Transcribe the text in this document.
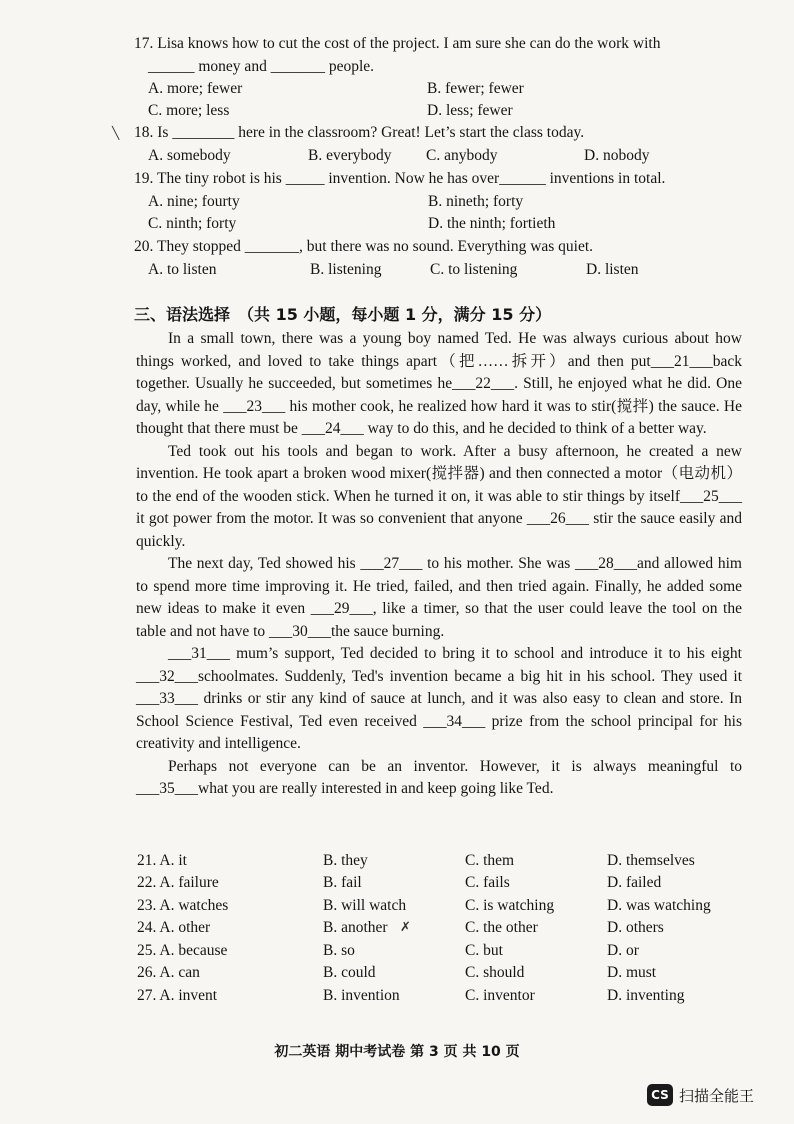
17. Lisa knows how to cut the cost of the project. I am sure she can do the work with
______ money and _______ people.
A. more; fewer	B. fewer; fewer
C. more; less	D. less; fewer
18. Is ________ here in the classroom? Great! Let’s start the class today.
A. somebody	B. everybody C. anybody	D. nobody
19. The tiny robot is his _____ invention. Now he has over______ inventions in total.
A. nine; fourty	B. nineth; forty
C. ninth; forty	D. the ninth; fortieth
20. They stopped _______, but there was no sound. Everything was quiet.
A. to listen	B. listening	C. to listening	D. listen
三、语法选择　（共 15 小题，每小题 1 分，满分 15 分）

In a small town, there was a young boy named Ted. He was always curious about how things worked, and loved to take things apart（把……拆开）and then put___21___back together. Usually he succeeded, but sometimes he___22___. Still, he enjoyed what he did. One day, while he ___23___ his mother cook, he realized how hard it was to stir(搅拌) the sauce. He thought that there must be ___24___ way to do this, and he decided to think of a better way.

Ted took out his tools and began to work. After a busy afternoon, he created a new invention. He took apart a broken wood mixer(搅拌器) and then connected a motor（电动机） to the end of the wooden stick. When he turned it on, it was able to stir things by itself___25___ it got power from the motor. It was so convenient that anyone ___26___ stir the sauce easily and quickly.

The next day, Ted showed his ___27___ to his mother. She was ___28___and allowed him to spend more time improving it. He tried, failed, and then tried again. Finally, he added some new ideas to make it even ___29___, like a timer, so that the user could leave the tool on the table and not have to ___30___the sauce burning.

___31___ mum’s support, Ted decided to bring it to school and introduce it to his eight ___32___schoolmates. Suddenly, Ted's invention became a big hit in his school. They used it ___33___ drinks or stir any kind of sauce at lunch, and it was also easy to clean and store. In School Science Festival, Ted even received ___34___ prize from the school principal for his creativity and intelligence.

Perhaps not everyone can be an inventor. However, it is always meaningful to ___35___what you are really interested in and keep going like Ted.

21. A. it	B. they	C. them	D. themselves
22. A. failure	B. fail	C. fails	D. failed
23. A. watches	B. will watch	C. is watching	D. was watching
24. A. other	B. another	C. the other	D. others
25. A. because	B. so	C. but	D. or
26. A. can	B. could	C. should	D. must
27. A. invent	B. invention	C. inventor	D. inventing
╲
✗
初二英语 期中考试卷 第 3 页 共 10 页
CS 扫描全能王
